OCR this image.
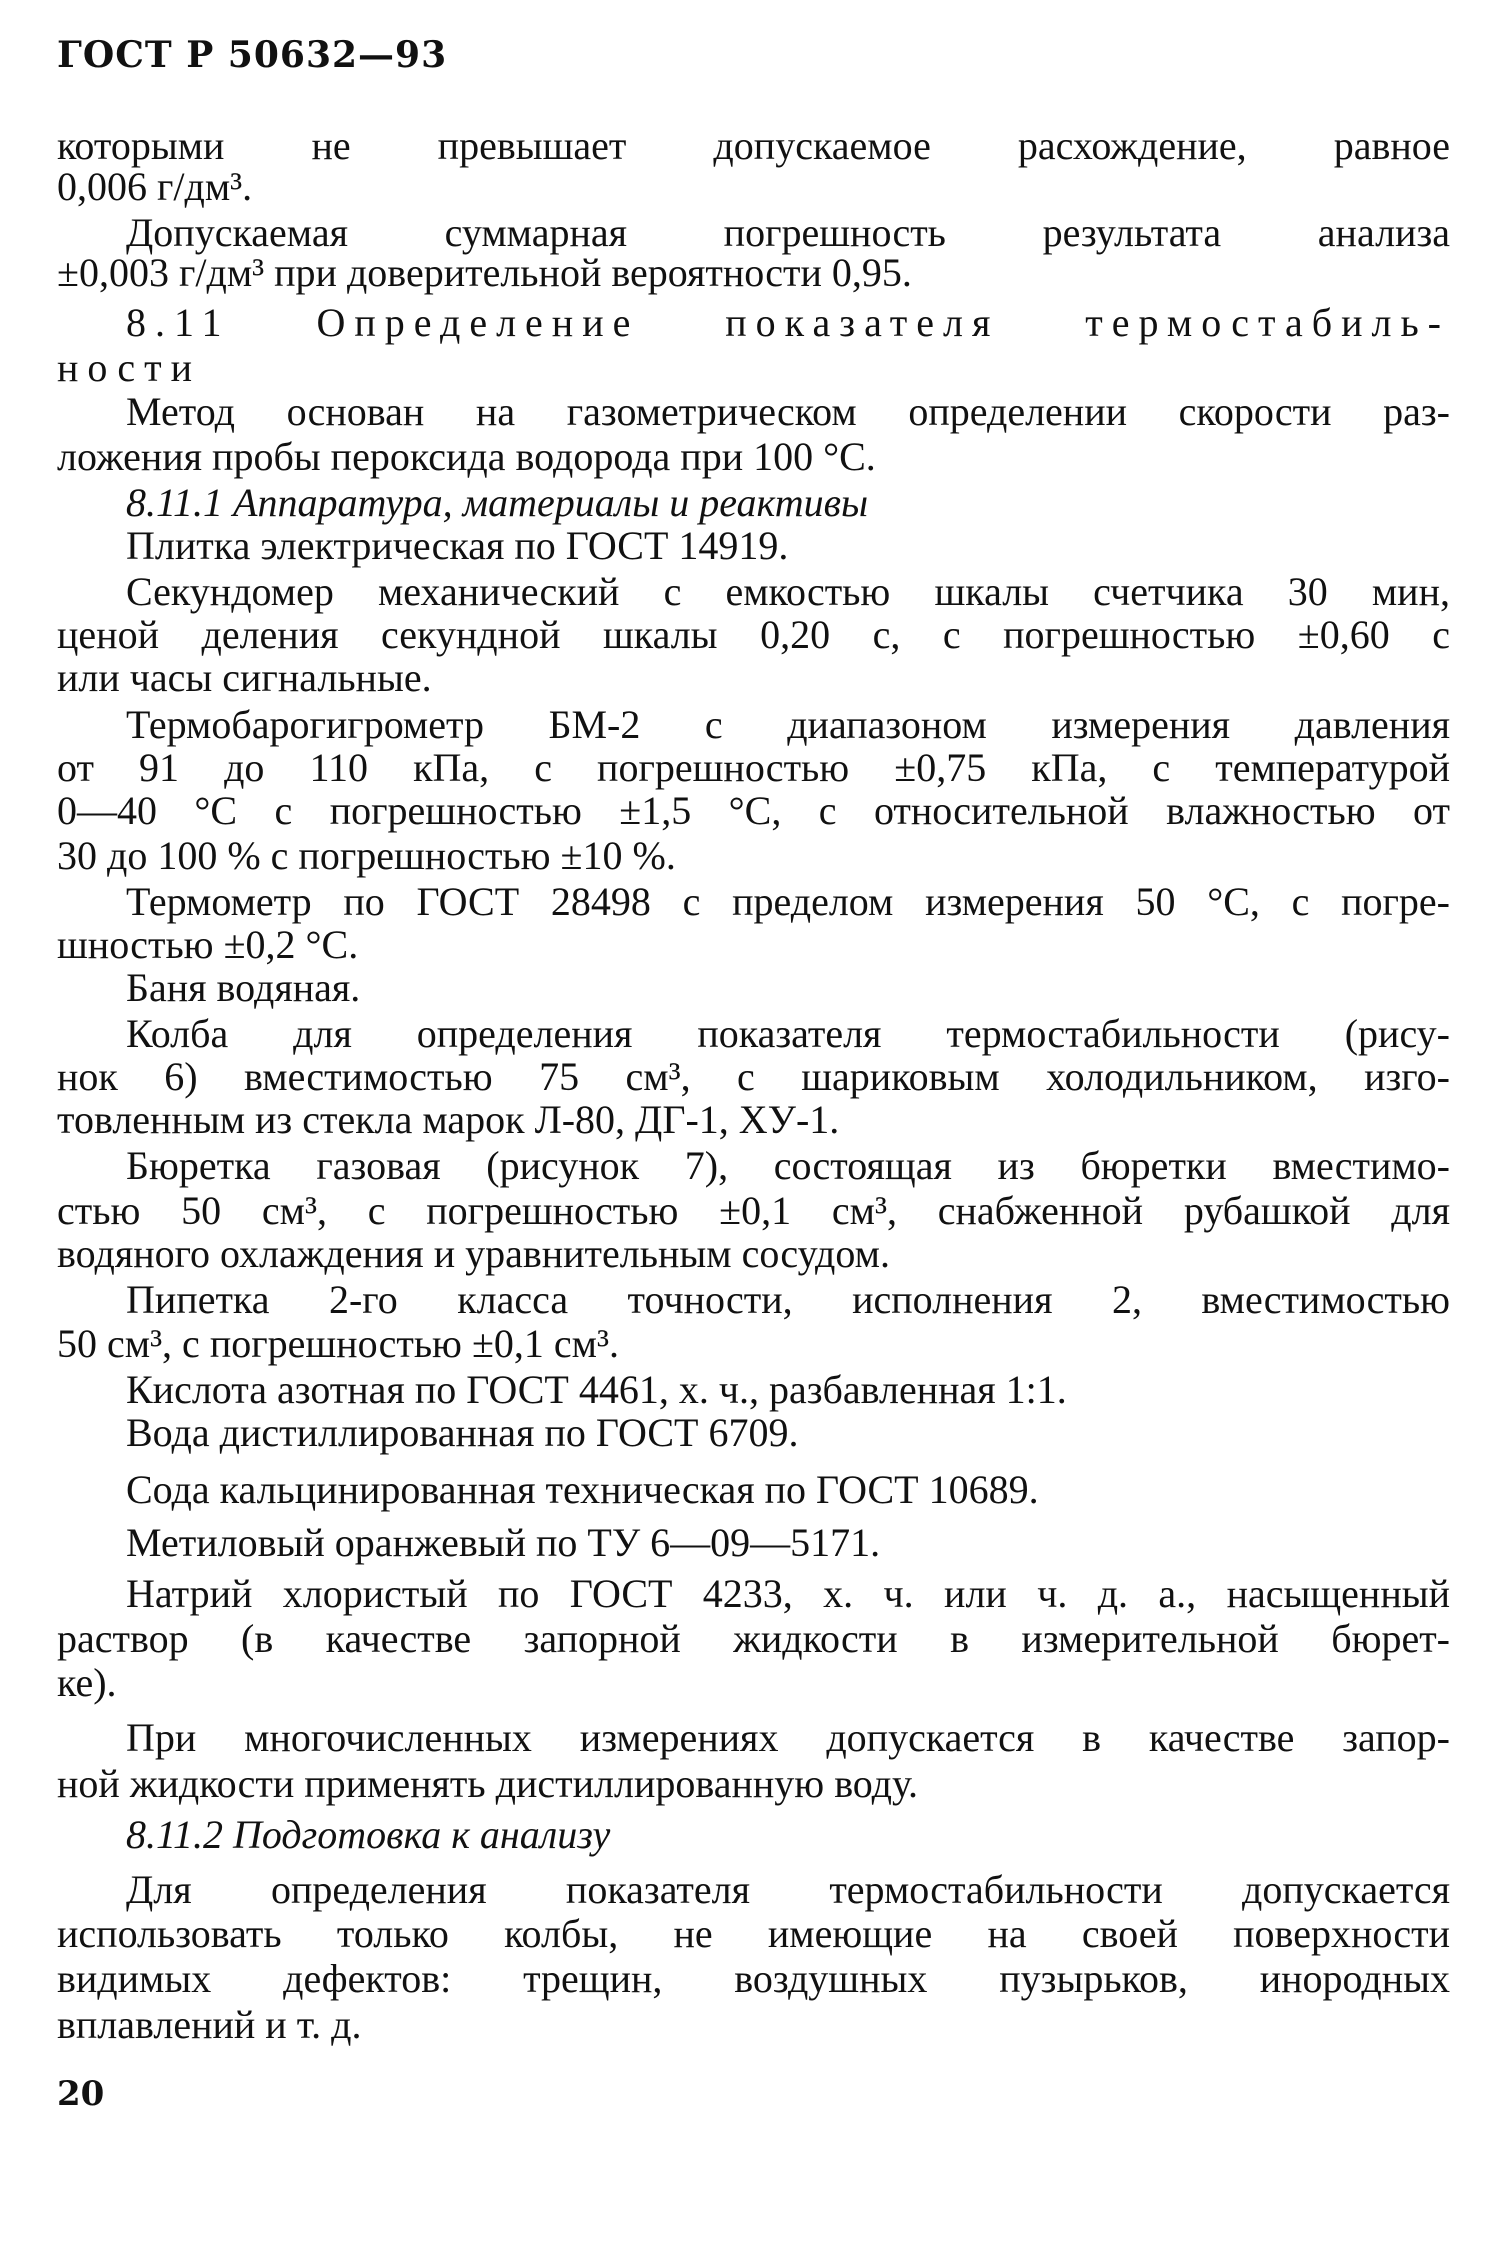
ГОСТ Р 50632—93
которыми не превышает допускаемое расхождение, равное
0,006 г/дм³.
Допускаемая суммарная погрешность результата анализа
±0,003 г/дм³ при доверительной вероятности 0,95.
8.11 Определение показателя термостабиль-
ности
Метод основан на газометрическом определении скорости раз-
ложения пробы пероксида водорода при 100 °С.
8.11.1 Аппаратура, материалы и реактивы
Плитка электрическая по ГОСТ 14919.
Секундомер механический с емкостью шкалы счетчика 30 мин,
ценой деления секундной шкалы 0,20 с, с погрешностью ±0,60 с
или часы сигнальные.
Термобарогигрометр БМ-2 с диапазоном измерения давления
от 91 до 110 кПа, с погрешностью ±0,75 кПа, с температурой
0—40 °С с погрешностью ±1,5 °С, с относительной влажностью от
30 до 100 % с погрешностью ±10 %.
Термометр по ГОСТ 28498 с пределом измерения 50 °С, с погре-
шностью ±0,2 °С.
Баня водяная.
Колба для определения показателя термостабильности (рису-
нок 6) вместимостью 75 см³, с шариковым холодильником, изго-
товленным из стекла марок Л-80, ДГ-1, ХУ-1.
Бюретка газовая (рисунок 7), состоящая из бюретки вместимо-
стью 50 см³, с погрешностью ±0,1 см³, снабженной рубашкой для
водяного охлаждения и уравнительным сосудом.
Пипетка 2-го класса точности, исполнения 2, вместимостью
50 см³, с погрешностью ±0,1 см³.
Кислота азотная по ГОСТ 4461, х. ч., разбавленная 1:1.
Вода дистиллированная по ГОСТ 6709.
Сода кальцинированная техническая по ГОСТ 10689.
Метиловый оранжевый по ТУ 6—09—5171.
Натрий хлористый по ГОСТ 4233, х. ч. или ч. д. а., насыщенный
раствор (в качестве запорной жидкости в измерительной бюрет-
ке).
При многочисленных измерениях допускается в качестве запор-
ной жидкости применять дистиллированную воду.
8.11.2 Подготовка к анализу
Для определения показателя термостабильности допускается
использовать только колбы, не имеющие на своей поверхности
видимых дефектов: трещин, воздушных пузырьков, инородных
вплавлений и т. д.
20
